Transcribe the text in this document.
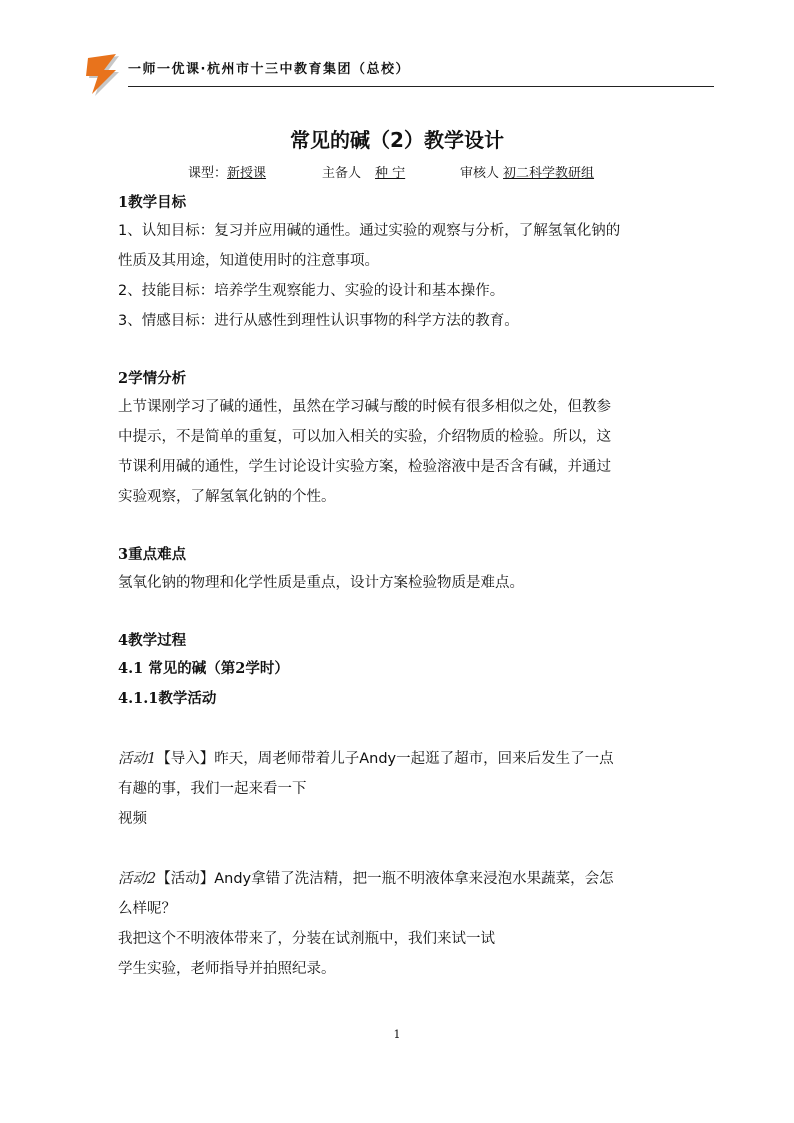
一师一优课·杭州市十三中教育集团（总校）
常见的碱（2）教学设计
课型：新授课	主备人 种 宁	审核人 初二科学教研组

1教学目标

1、认知目标：复习并应用碱的通性。通过实验的观察与分析，了解氢氧化钠的

性质及其用途，知道使用时的注意事项。

2、技能目标：培养学生观察能力、实验的设计和基本操作。

3、情感目标：进行从感性到理性认识事物的科学方法的教育。

2学情分析

上节课刚学习了碱的通性，虽然在学习碱与酸的时候有很多相似之处，但教参

中提示，不是简单的重复，可以加入相关的实验，介绍物质的检验。所以，这

节课利用碱的通性，学生讨论设计实验方案，检验溶液中是否含有碱，并通过

实验观察，了解氢氧化钠的个性。

3重点难点

氢氧化钠的物理和化学性质是重点，设计方案检验物质是难点。

4教学过程

4.1 常见的碱（第2学时）

4.1.1教学活动

活动1【导入】昨天，周老师带着儿子Andy一起逛了超市，回来后发生了一点

有趣的事，我们一起来看一下

视频

活动2【活动】Andy拿错了洗洁精，把一瓶不明液体拿来浸泡水果蔬菜，会怎

么样呢？

我把这个不明液体带来了，分装在试剂瓶中，我们来试一试

学生实验，老师指导并拍照纪录。

1
